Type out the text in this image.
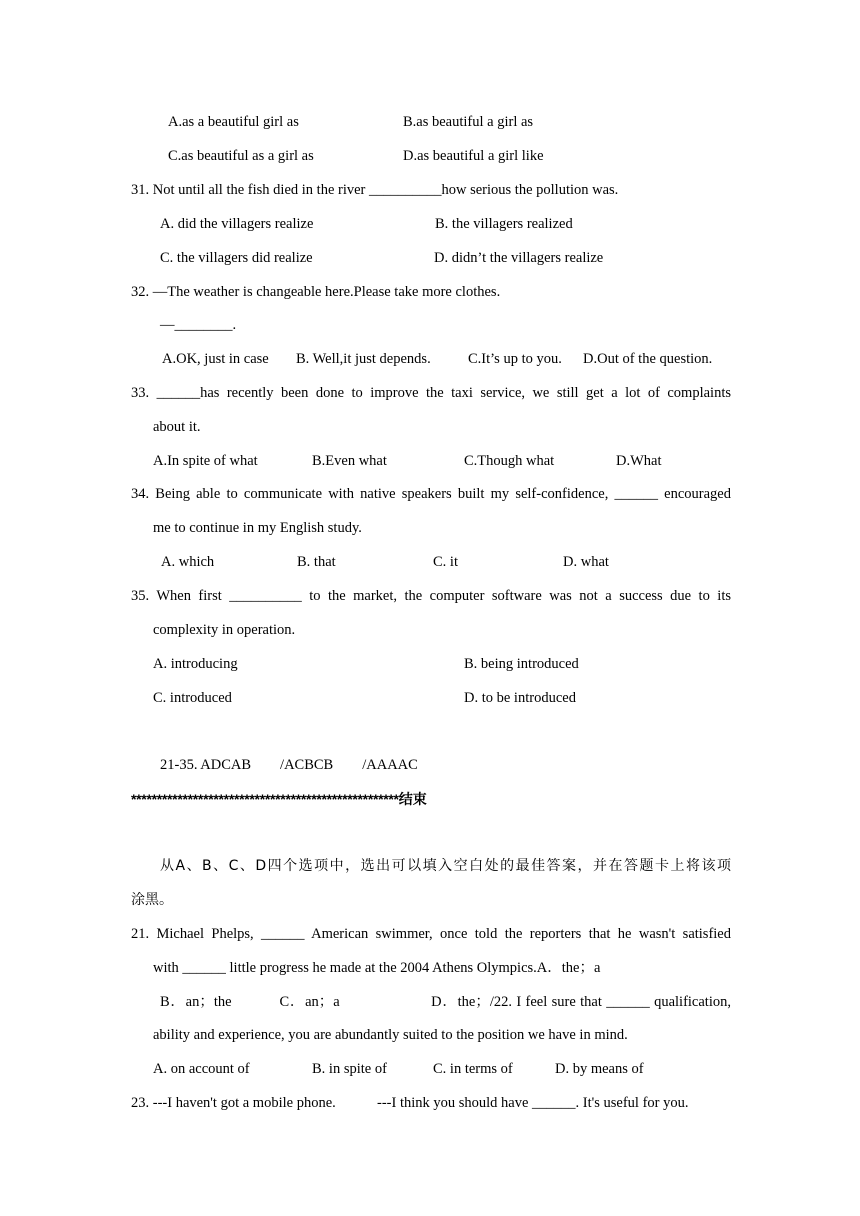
A.as a beautiful girl as	B.as beautiful a girl as
C.as beautiful as a girl as	D.as beautiful a girl like
31. Not until all the fish died in the river __________how serious the pollution was.
A. did the villagers realize	B. the villagers realized
C. the villagers did realize	D. didn’t the villagers realize
32. —The weather is changeable here.Please take more clothes.
—________.
A.OK, just in case B. Well,it just depends.	C.It’s up to you. D.Out of the question.
33. ______has recently been done to improve the taxi service, we still get a lot of complaints
about it.
A.In spite of what	B.Even what	C.Though what	D.What
34. Being able to communicate with native speakers built my self-confidence, ______ encouraged
me to continue in my English study.
A. which	B. that	C. it	D. what
35. When first __________ to the market, the computer software was not a success due to its
complexity in operation.
A. introducing	B. being introduced
C. introduced	D. to be introduced
21-35. ADCAB        /ACBCB        /AAAAC
****************************************************结束
从A、B、C、D四个选项中，选出可以填入空白处的最佳答案，并在答题卡上将该项
涂黑。
21. Michael Phelps, ______ American swimmer, once told the reporters that he wasn't satisfied
with ______ little progress he made at the 2004 Athens Olympics.A．the；a
B．an；the           C．an；a                     D．the；/22. I feel sure that ______ qualification,
ability and experience, you are abundantly suited to the position we have in mind.
A. on account of	B. in spite of	C. in terms of	D. by means of
23. ---I haven't got a mobile phone.	---I think you should have ______. It's useful for you.
